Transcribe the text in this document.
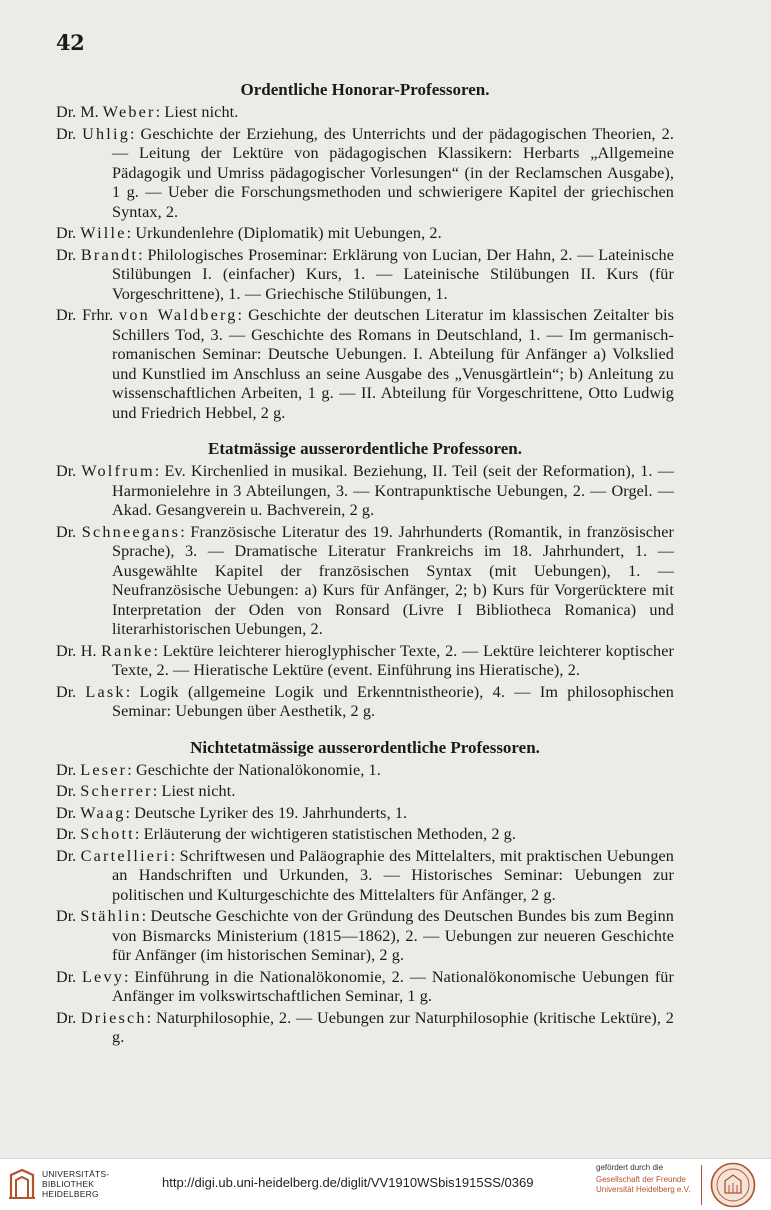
42
Ordentliche Honorar-Professoren.

Dr. M. Weber: Liest nicht.

Dr. Uhlig: Geschichte der Erziehung, des Unterrichts und der pädagogischen Theorien, 2. — Leitung der Lektüre von pädagogischen Klassikern: Herbarts „Allgemeine Pädagogik und Umriss pädagogischer Vorlesungen“ (in der Reclamschen Ausgabe), 1 g. — Ueber die Forschungsmethoden und schwierigere Kapitel der griechischen Syntax, 2.

Dr. Wille: Urkundenlehre (Diplomatik) mit Uebungen, 2.

Dr. Brandt: Philologisches Proseminar: Erklärung von Lucian, Der Hahn, 2. — Lateinische Stilübungen I. (einfacher) Kurs, 1. — Lateinische Stilübungen II. Kurs (für Vorgeschrittene), 1. — Griechische Stilübungen, 1.

Dr. Frhr. von Waldberg: Geschichte der deutschen Literatur im klassischen Zeitalter bis Schillers Tod, 3. — Geschichte des Romans in Deutschland, 1. — Im germanisch-romanischen Seminar: Deutsche Uebungen. I. Abteilung für Anfänger a) Volkslied und Kunstlied im Anschluss an seine Ausgabe des „Venusgärtlein“; b) Anleitung zu wissenschaftlichen Arbeiten, 1 g. — II. Abteilung für Vorgeschrittene, Otto Ludwig und Friedrich Hebbel, 2 g.

Etatmässige ausserordentliche Professoren.

Dr. Wolfrum: Ev. Kirchenlied in musikal. Beziehung, II. Teil (seit der Reformation), 1. — Harmonielehre in 3 Abteilungen, 3. — Kontrapunktische Uebungen, 2. — Orgel. — Akad. Gesangverein u. Bachverein, 2 g.

Dr. Schneegans: Französische Literatur des 19. Jahrhunderts (Romantik, in französischer Sprache), 3. — Dramatische Literatur Frankreichs im 18. Jahrhundert, 1. — Ausgewählte Kapitel der französischen Syntax (mit Uebungen), 1. — Neufranzösische Uebungen: a) Kurs für Anfänger, 2; b) Kurs für Vorgerücktere mit Interpretation der Oden von Ronsard (Livre I Bibliotheca Romanica) und literarhistorischen Uebungen, 2.

Dr. H. Ranke: Lektüre leichterer hieroglyphischer Texte, 2. — Lektüre leichterer koptischer Texte, 2. — Hieratische Lektüre (event. Einführung ins Hieratische), 2.

Dr. Lask: Logik (allgemeine Logik und Erkenntnistheorie), 4. — Im philosophischen Seminar: Uebungen über Aesthetik, 2 g.

Nichtetatmässige ausserordentliche Professoren.

Dr. Leser: Geschichte der Nationalökonomie, 1.

Dr. Scherrer: Liest nicht.

Dr. Waag: Deutsche Lyriker des 19. Jahrhunderts, 1.

Dr. Schott: Erläuterung der wichtigeren statistischen Methoden, 2 g.

Dr. Cartellieri: Schriftwesen und Paläographie des Mittelalters, mit praktischen Uebungen an Handschriften und Urkunden, 3. — Historisches Seminar: Uebungen zur politischen und Kulturgeschichte des Mittelalters für Anfänger, 2 g.

Dr. Stählin: Deutsche Geschichte von der Gründung des Deutschen Bundes bis zum Beginn von Bismarcks Ministerium (1815—1862), 2. — Uebungen zur neueren Geschichte für Anfänger (im historischen Seminar), 2 g.

Dr. Levy: Einführung in die Nationalökonomie, 2. — Nationalökonomische Uebungen für Anfänger im volkswirtschaftlichen Seminar, 1 g.

Dr. Driesch: Naturphilosophie, 2. — Uebungen zur Naturphilosophie (kritische Lektüre), 2 g.

UNIVERSITÄTS-
BIBLIOTHEK
HEIDELBERG
http://digi.ub.uni-heidelberg.de/diglit/VV1910WSbis1915SS/0369
gefördert durch die
Gesellschaft der Freunde
Universität Heidelberg e.V.
